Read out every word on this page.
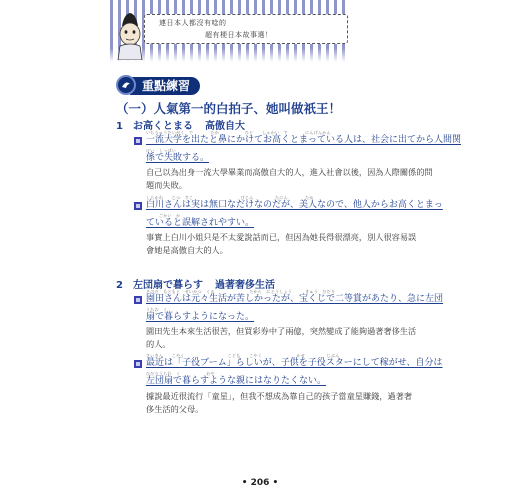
連日本人都沒有唸的
超有梗日本故事選！
重點練習
（一）人氣第一的白拍子、她叫做祇王！
1 お高くとまる 高傲自大
いちりゅうだいがく　で　　　　たか　　　　　　ひと　　しゃかい　で　　　　にんげんかん
一流大学を出たと鼻にかけてお高くとまっている人は、社会に出てから人間関
けい　しっぱい
係で失敗する。
自己以為出身一流大學畢業而高傲自大的人，進入社會以後，因為人際關係的問
題而失敗。
しらかわ　　じつ　すこ　　　　　　　　　　　びじん　　　　　たにん　　　　たか
白川さんは実は無口なだけなのだが、美人なので、他人からお高くとまっ
　　　ごかい　か
ていると誤解されやすい。
事實上白川小姐只是不太愛說話而已，但因為她長得很漂亮，別人很容易誤
會她是高傲自大的人。
2 左団扇で暮らす 過著奢侈生活
そのだ　もともと　せいかつ　くる　　　　　　　　たから　にとうしょう　　　きゅう　ひだり
園田さんは元々生活が苦しかったが、宝くじで二等賞があたり、急に左団
うちわ　く
扇で暮らすようになった。
園田先生本來生活很苦，但買彩券中了兩億，突然變成了能夠過著奢侈生活
的人。
さいきん　　こやく　　　　　　　　　　こども　　こやく　　　　　　　　かせ　　　　　じぶん
最近は「子役ブーム」らしいが、子供を子役スターにして稼がせ、自分は
ひだりうちわ　く　　　　　　おや
左団扇で暮らすような親にはなりたくない。
據說最近很流行「童星」，但我不想成為靠自己的孩子當童星賺錢，過著奢
侈生活的父母。
• 206 •
